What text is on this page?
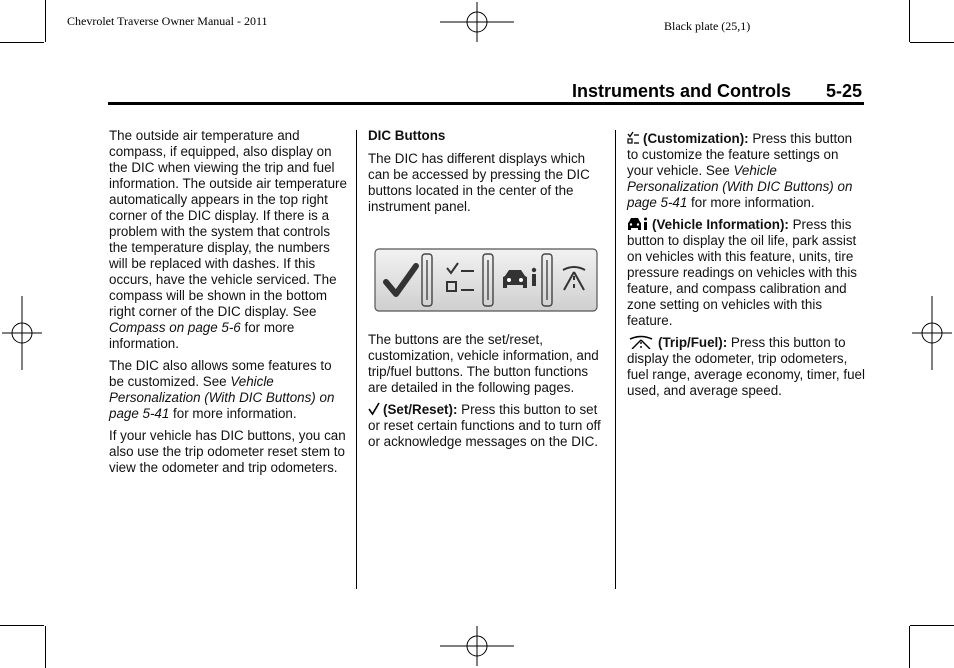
Chevrolet Traverse Owner Manual - 2011	Black plate (25,1)
Instruments and Controls 5-25

The outside air temperature and compass, if equipped, also display on the DIC when viewing the trip and fuel information. The outside air temperature automatically appears in the top right corner of the DIC display. If there is a problem with the system that controls the temperature display, the numbers will be replaced with dashes. If this occurs, have the vehicle serviced. The compass will be shown in the bottom right corner of the DIC display. See Compass on page 5-6 for more information.

The DIC also allows some features to be customized. See Vehicle Personalization (With DIC Buttons) on page 5-41 for more information.

If your vehicle has DIC buttons, you can also use the trip odometer reset stem to view the odometer and trip odometers.

DIC Buttons

The DIC has different displays which can be accessed by pressing the DIC buttons located in the center of the instrument panel.

The buttons are the set/reset, customization, vehicle information, and trip/fuel buttons. The button functions are detailed in the following pages.

(Set/Reset): Press this button to set or reset certain functions and to turn off or acknowledge messages on the DIC.

(Customization): Press this button to customize the feature settings on your vehicle. See Vehicle Personalization (With DIC Buttons) on page 5-41 for more information.

(Vehicle Information): Press this button to display the oil life, park assist on vehicles with this feature, units, tire pressure readings on vehicles with this feature, and compass calibration and zone setting on vehicles with this feature.

(Trip/Fuel): Press this button to display the odometer, trip odometers, fuel range, average economy, timer, fuel used, and average speed.
